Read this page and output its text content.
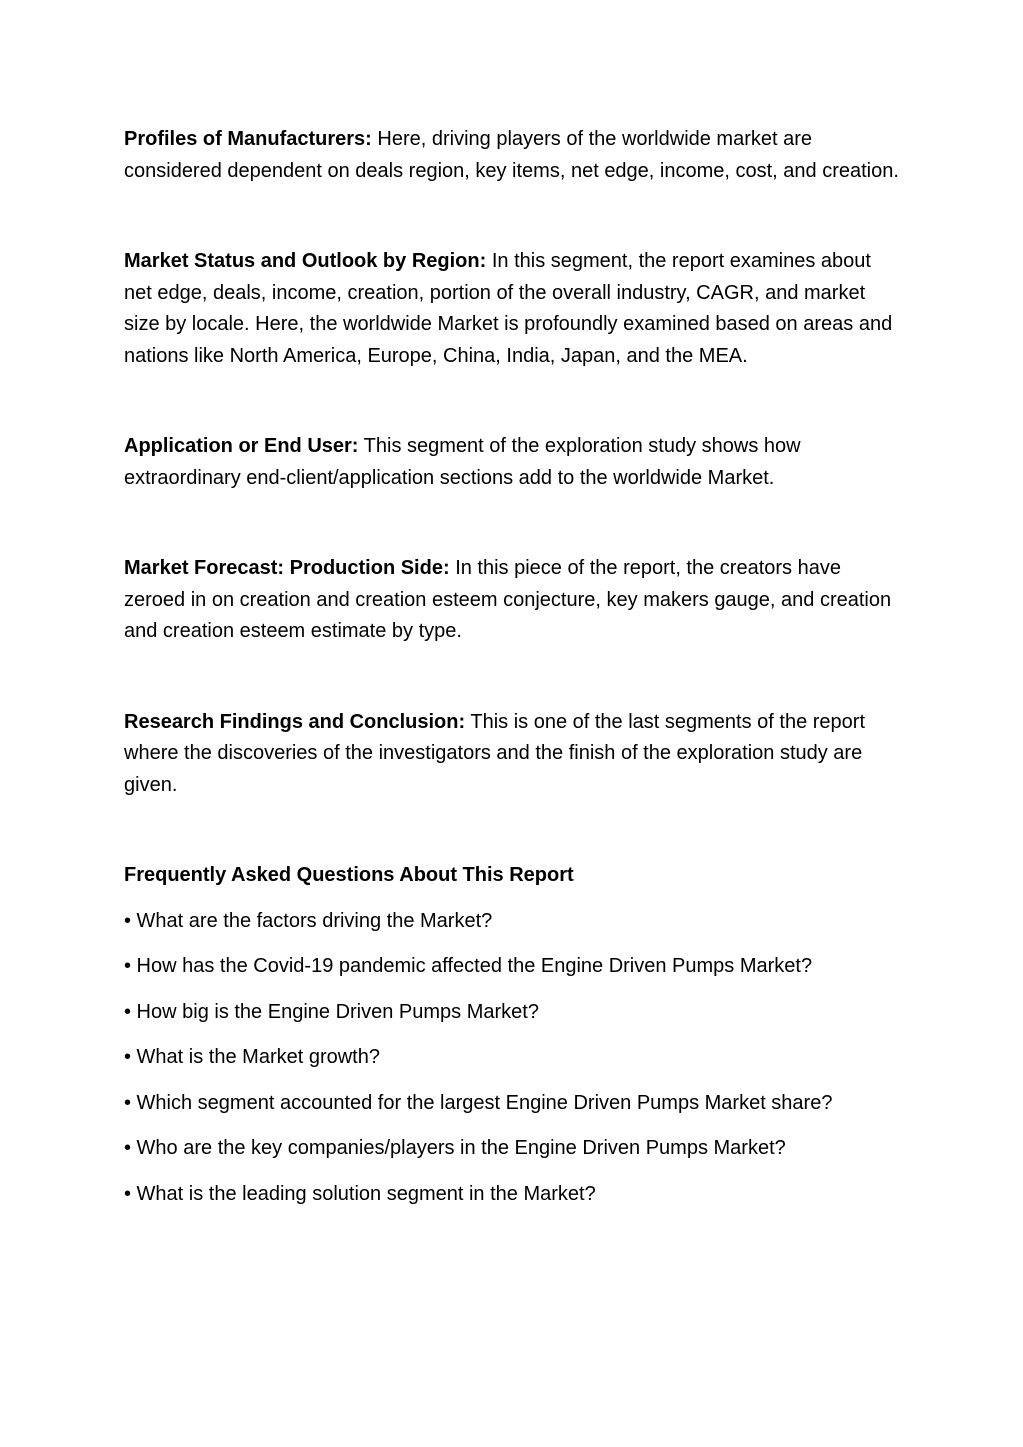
Profiles of Manufacturers: Here, driving players of the worldwide market are considered dependent on deals region, key items, net edge, income, cost, and creation.

Market Status and Outlook by Region: In this segment, the report examines about net edge, deals, income, creation, portion of the overall industry, CAGR, and market size by locale. Here, the worldwide Market is profoundly examined based on areas and nations like North America, Europe, China, India, Japan, and the MEA.

Application or End User: This segment of the exploration study shows how extraordinary end-client/application sections add to the worldwide Market.

Market Forecast: Production Side: In this piece of the report, the creators have zeroed in on creation and creation esteem conjecture, key makers gauge, and creation and creation esteem estimate by type.

Research Findings and Conclusion: This is one of the last segments of the report where the discoveries of the investigators and the finish of the exploration study are given.

Frequently Asked Questions About This Report
• What are the factors driving the Market?
• How has the Covid-19 pandemic affected the Engine Driven Pumps Market?
• How big is the Engine Driven Pumps Market?
• What is the Market growth?
• Which segment accounted for the largest Engine Driven Pumps Market share?
• Who are the key companies/players in the Engine Driven Pumps Market?
• What is the leading solution segment in the Market?
